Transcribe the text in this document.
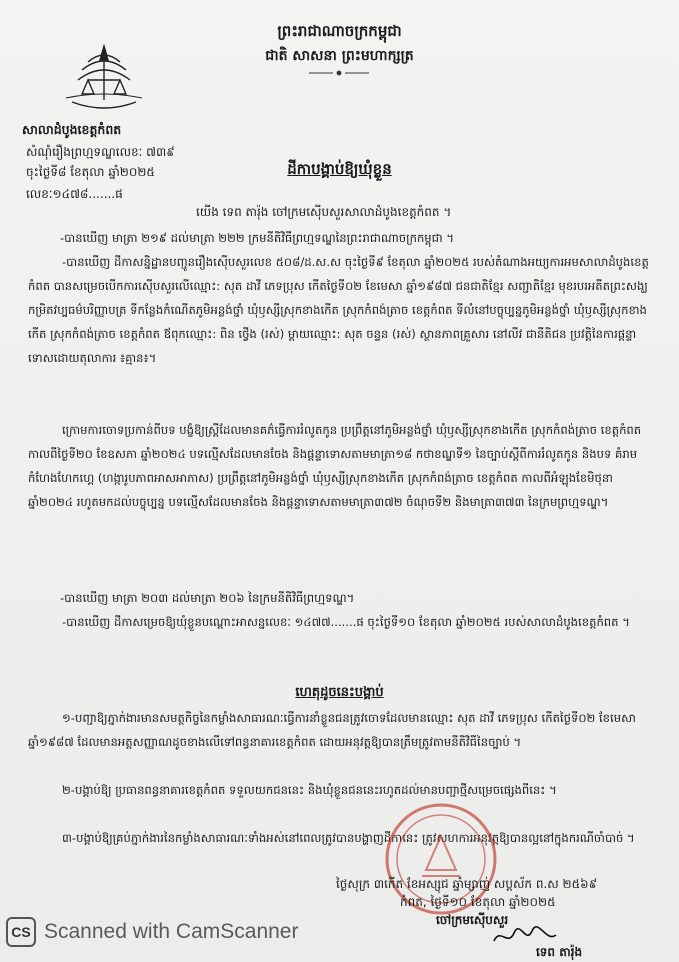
ព្រះរាជាណាចក្រកម្ពុជា
ជាតិ សាសនា ព្រះមហាក្សត្រ
សាលាដំបូងខេត្តកំពត
សំណុំរឿងព្រហ្មទណ្ឌលេខៈ ៧៣៩
ចុះថ្ងៃទី៨ ខែតុលា ឆ្នាំ២០២៥
លេខៈ១៤៧៨.......ផ
ដីកាបង្គាប់ឱ្យឃុំខ្លួន
យើង ទេព តារ៉ុង ចៅក្រមស៊ើបសួរសាលាដំបូងខេត្តកំពត ។

-បានឃើញ មាត្រា ២១៩ ដល់មាត្រា ២២២ ក្រមនីតិវិធីព្រហ្មទណ្ឌនៃព្រះរាជាណាចក្រកម្ពុជា ។

-បានឃើញ ដីកាសន្និដ្ឋានបញ្ជូនរឿងស៊ើបសួរលេខ ៥០៨/ដ.ស.ស ចុះថ្ងៃទី៩ ខែតុលា ឆ្នាំ២០២៥ របស់តំណាងអយ្យការអមសាលាដំបូងខេត្តកំពត បានសម្រេចបើកការស៊ើបសួរលើឈ្មោះ: សុត ដាវី ភេទប្រុស កើតថ្ងៃទី០២ ខែមេសា ឆ្នាំ១៩៨៧ ជនជាតិខ្មែរ សញ្ជាតិខ្មែរ មុខរបរអតីតព្រះសង្ឃ កម្រិតវប្បធម៌បរិញ្ញាបត្រ ទីកន្លែងកំណើតភូមិអន្លង់ថ្នាំ ឃុំឫស្សីស្រុកខាងកើត ស្រុកកំពង់ត្រាច ខេត្តកំពត ទីលំនៅបច្ចុប្បន្នភូមិអន្លង់ថ្នាំ ឃុំឫស្សីស្រុកខាងកើត ស្រុកកំពង់ត្រាច ខេត្តកំពត ឪពុកឈ្មោះ: ពិន ថ្វើង (រស់) ម្ដាយឈ្មោះ: សុត ចន្ទន (រស់) ស្ថានភាពគ្រួសារ នៅលីវ ជានីតិជន ប្រវត្តិនៃការផ្តន្ទាទោសដោយតុលាការ ៖គ្មាន៖។

ក្រោមការចោទប្រកាន់ពីបទ បង្ខំឱ្យស្ត្រីដែលមានគភ៌ធ្វើការរំលូតកូន ប្រព្រឹត្តនៅភូមិអន្លង់ថ្នាំ ឃុំឫស្សីស្រុកខាងកើត ស្រុកកំពង់ត្រាច ខេត្តកំពត កាលពីថ្ងៃទី២០ ខែឧសភា ឆ្នាំ២០២៤ បទល្មើសដែលមានចែង និងផ្តន្ទាទោសតាមមាត្រា១៨ កថាខណ្ឌទី១ នៃច្បាប់ស្តីពីការរំលូតកូន និងបទ គំរាមកំហែងហែកហ្គេ (ហង្ការូបភាពអាសអាភាស) ប្រព្រឹត្តនៅភូមិអន្លង់ថ្នាំ ឃុំឫស្សីស្រុកខាងកើត ស្រុកកំពង់ត្រាច ខេត្តកំពត កាលពីអំឡុងខែមិថុនា ឆ្នាំ២០២៤ រហូតមកដល់បច្ចុប្បន្ន បទល្មើសដែលមានចែង និងផ្តន្ទាទោសតាមមាត្រា៣៧២ ចំណុចទី២ និងមាត្រា៣៧៣ នៃក្រមព្រហ្មទណ្ឌ។

-បានឃើញ មាត្រា ២០៣ ដល់មាត្រា ២០៦ នៃក្រមនីតិវិធីព្រហ្មទណ្ឌ។

-បានឃើញ ដីកាសម្រេចឱ្យឃុំខ្លួនបណ្តោះអាសន្នលេខៈ ១៤៧៧.......ផ ចុះថ្ងៃទី១០ ខែតុលា ឆ្នាំ២០២៥ របស់សាលាដំបូងខេត្តកំពត ។

ហេតុដូចនេះបង្គាប់

១-បញ្ជាឱ្យភ្នាក់ងារមានសមត្ថកិច្ចនៃកម្លាំងសាធារណៈធ្វើការនាំខ្លួនជនត្រូវចោទដែលមានឈ្មោះ សុត ដាវី ភេទប្រុស កើតថ្ងៃទី០២ ខែមេសា ឆ្នាំ១៩៨៧ ដែលមានអត្តសញ្ញាណដូចខាងលើទៅពន្ធនាគារខេត្តកំពត ដោយអនុវត្តឱ្យបានត្រឹមត្រូវតាមនីតិវិធីនៃច្បាប់ ។

២-បង្គាប់ឱ្យ ប្រធានពន្ធនាគារខេត្តកំពត ទទួលយកជននេះ និងឃុំខ្លួនជននេះរហូតដល់មានបញ្ជាថ្មីសម្រេចផ្សេងពីនេះ ។

៣-បង្គាប់ឱ្យគ្រប់ភ្នាក់ងារនៃកម្លាំងសាធារណៈទាំងអស់នៅពេលត្រូវបានបង្ហាញដីកានេះ ត្រូវសហការអនុវត្តឱ្យបានល្អនៅក្នុងករណីចាំបាច់ ។

ថ្ងៃសុក្រ ៣កើត ខែអស្សុជ ឆ្នាំម្សាញ់ សប្តស័ក ព.ស ២៥៦៩
កំពត, ថ្ងៃទី១០ ខែតុលា ឆ្នាំ២០២៥
ចៅក្រមស៊ើបសួរ
ទេព តារ៉ុង
CS Scanned with CamScanner
